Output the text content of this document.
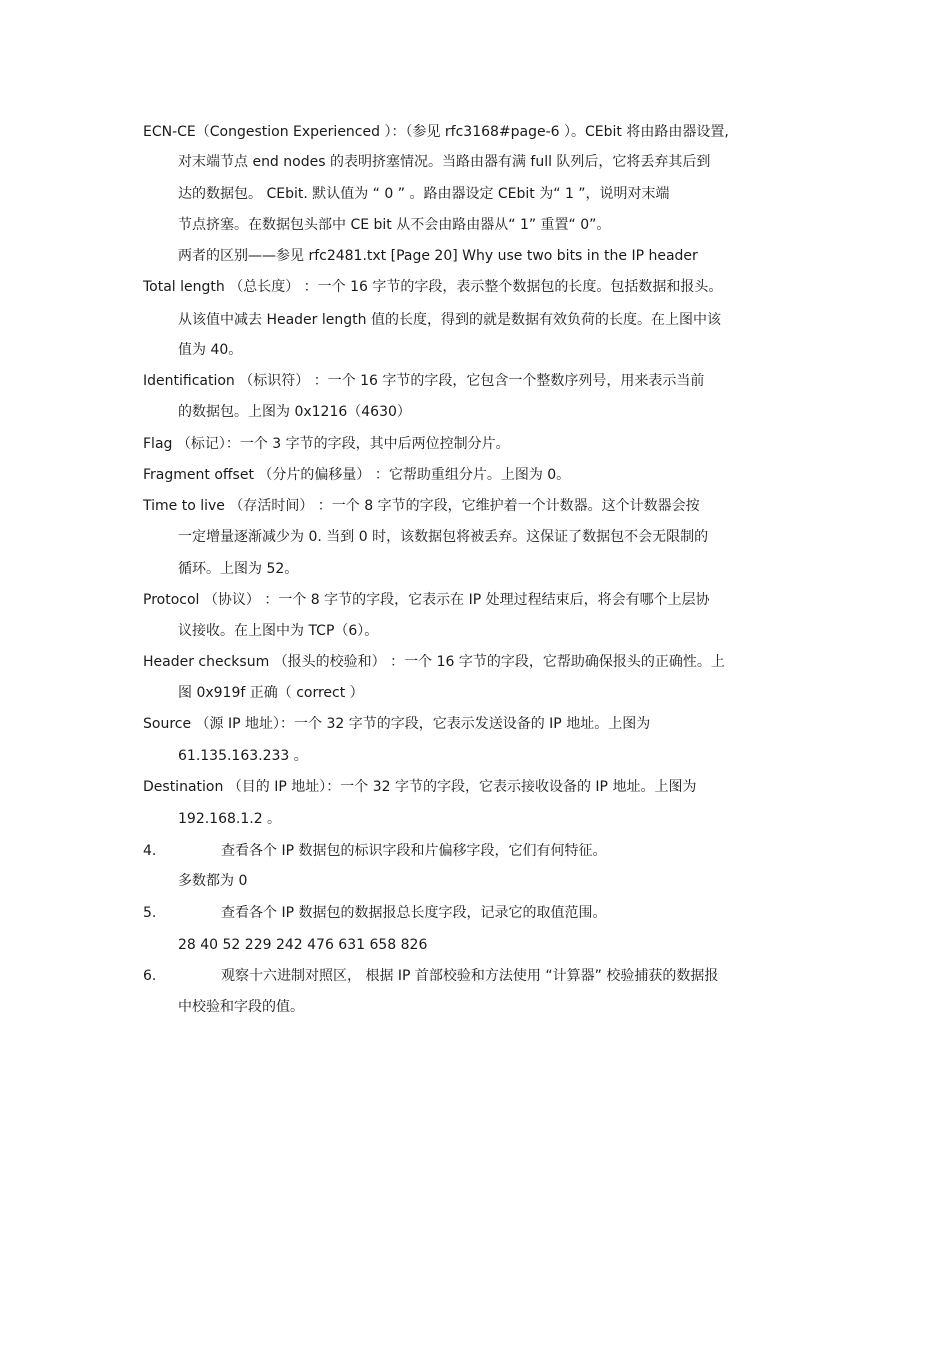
ECN-CE（Congestion Experienced ）：（参见 rfc3168#page-6 ）。CEbit 将由路由器设置,
对末端节点 end nodes 的表明挤塞情况。当路由器有满 full 队列后，它将丢弃其后到
达的数据包。 CEbit. 默认值为 “ 0 ” 。路由器设定 CEbit 为“ 1 ”，说明对末端
节点挤塞。在数据包头部中 CE bit 从不会由路由器从“ 1” 重置“ 0”。
两者的区别——参见 rfc2481.txt [Page 20] Why use two bits in the IP header
Total length （总长度） ：一个 16 字节的字段，表示整个数据包的长度。包括数据和报头。
从该值中减去 Header length 值的长度，得到的就是数据有效负荷的长度。在上图中该
值为 40。
Identification （标识符） ：一个 16 字节的字段，它包含一个整数序列号，用来表示当前
的数据包。上图为 0x1216（4630）
Flag （标记）：一个 3 字节的字段，其中后两位控制分片。
Fragment offset （分片的偏移量） ：它帮助重组分片。上图为 0。
Time to live （存活时间） ：一个 8 字节的字段，它维护着一个计数器。这个计数器会按
一定增量逐渐减少为 0. 当到 0 时，该数据包将被丢弃。这保证了数据包不会无限制的
循环。上图为 52。
Protocol （协议） ：一个 8 字节的字段，它表示在 IP 处理过程结束后，将会有哪个上层协
议接收。在上图中为 TCP（6）。
Header checksum （报头的校验和） ：一个 16 字节的字段，它帮助确保报头的正确性。上
图 0x919f 正确（ correct ）
Source （源 IP 地址）：一个 32 字节的字段，它表示发送设备的 IP 地址。上图为
61.135.163.233 。
Destination （目的 IP 地址）：一个 32 字节的字段，它表示接收设备的 IP 地址。上图为
192.168.1.2 。
4.	查看各个 IP 数据包的标识字段和片偏移字段，它们有何特征。
多数都为 0
5.	查看各个 IP 数据包的数据报总长度字段，记录它的取值范围。
28 40 52 229 242 476 631 658 826
6.	观察十六进制对照区， 根据 IP 首部校验和方法使用 “计算器” 校验捕获的数据报
中校验和字段的值。
